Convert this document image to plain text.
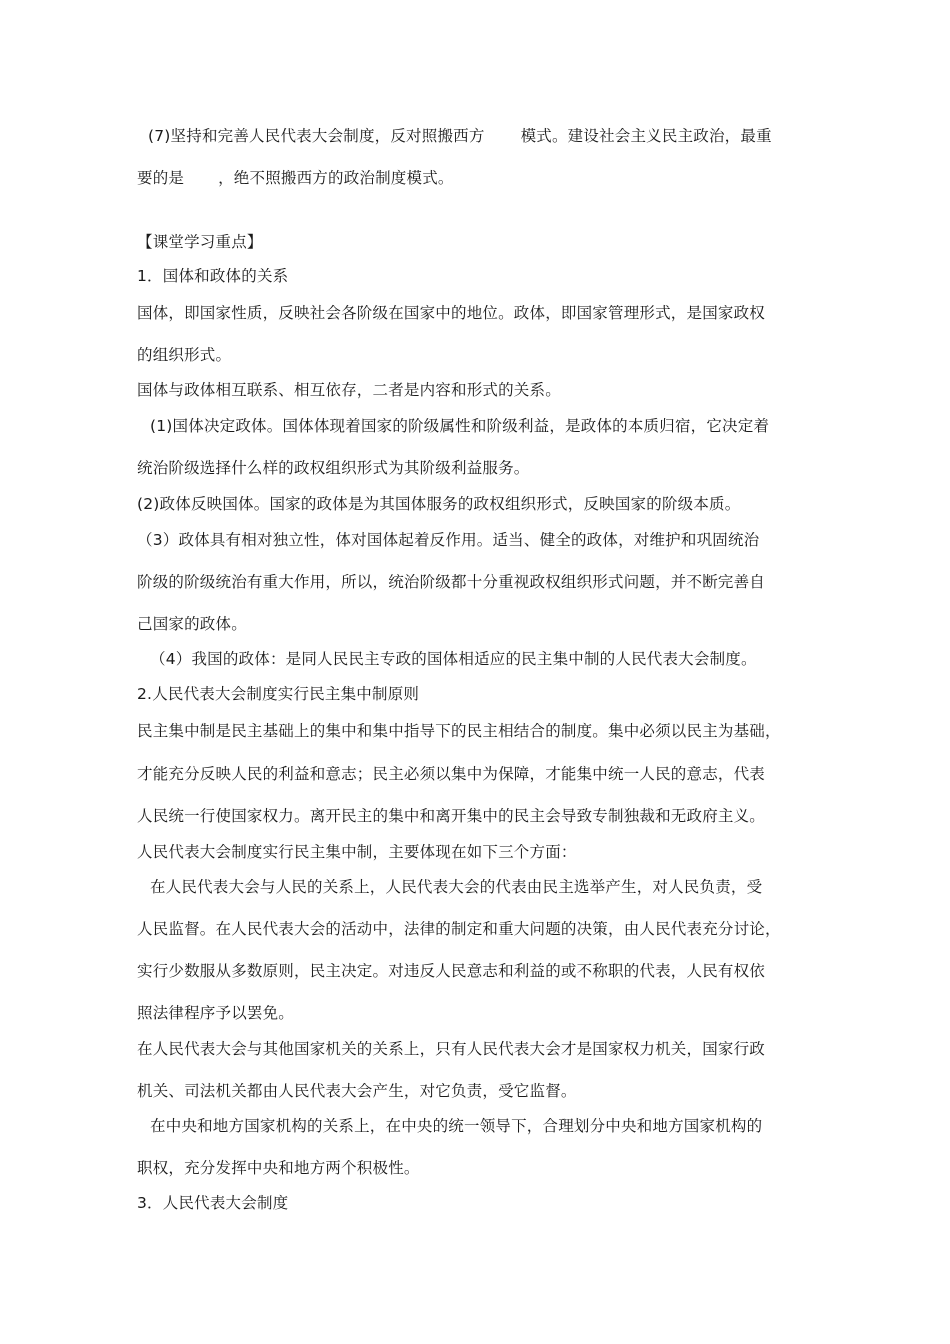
(7)坚持和完善人民代表大会制度，反对照搬西方 模式。建设社会主义民主政治，最重
要的是 ，绝不照搬西方的政治制度模式。
【课堂学习重点】
1．国体和政体的关系
国体，即国家性质，反映社会各阶级在国家中的地位。政体，即国家管理形式，是国家政权
的组织形式。
国体与政体相互联系、相互依存，二者是内容和形式的关系。
(1)国体决定政体。国体体现着国家的阶级属性和阶级利益，是政体的本质归宿，它决定着
统治阶级选择什么样的政权组织形式为其阶级利益服务。
(2)政体反映国体。国家的政体是为其国体服务的政权组织形式，反映国家的阶级本质。
（3）政体具有相对独立性，体对国体起着反作用。适当、健全的政体，对维护和巩固统治
阶级的阶级统治有重大作用，所以，统治阶级都十分重视政权组织形式问题，并不断完善自
己国家的政体。
（4）我国的政体：是同人民民主专政的国体相适应的民主集中制的人民代表大会制度。
2.人民代表大会制度实行民主集中制原则
民主集中制是民主基础上的集中和集中指导下的民主相结合的制度。集中必须以民主为基础，
才能充分反映人民的利益和意志；民主必须以集中为保障，才能集中统一人民的意志，代表
人民统一行使国家权力。离开民主的集中和离开集中的民主会导致专制独裁和无政府主义。
人民代表大会制度实行民主集中制，主要体现在如下三个方面：
在人民代表大会与人民的关系上，人民代表大会的代表由民主选举产生，对人民负责，受
人民监督。在人民代表大会的活动中，法律的制定和重大问题的决策，由人民代表充分讨论，
实行少数服从多数原则，民主决定。对违反人民意志和利益的或不称职的代表，人民有权依
照法律程序予以罢免。
在人民代表大会与其他国家机关的关系上，只有人民代表大会才是国家权力机关，国家行政
机关、司法机关都由人民代表大会产生，对它负责，受它监督。
在中央和地方国家机构的关系上，在中央的统一领导下，合理划分中央和地方国家机构的
职权，充分发挥中央和地方两个积极性。
3．人民代表大会制度
